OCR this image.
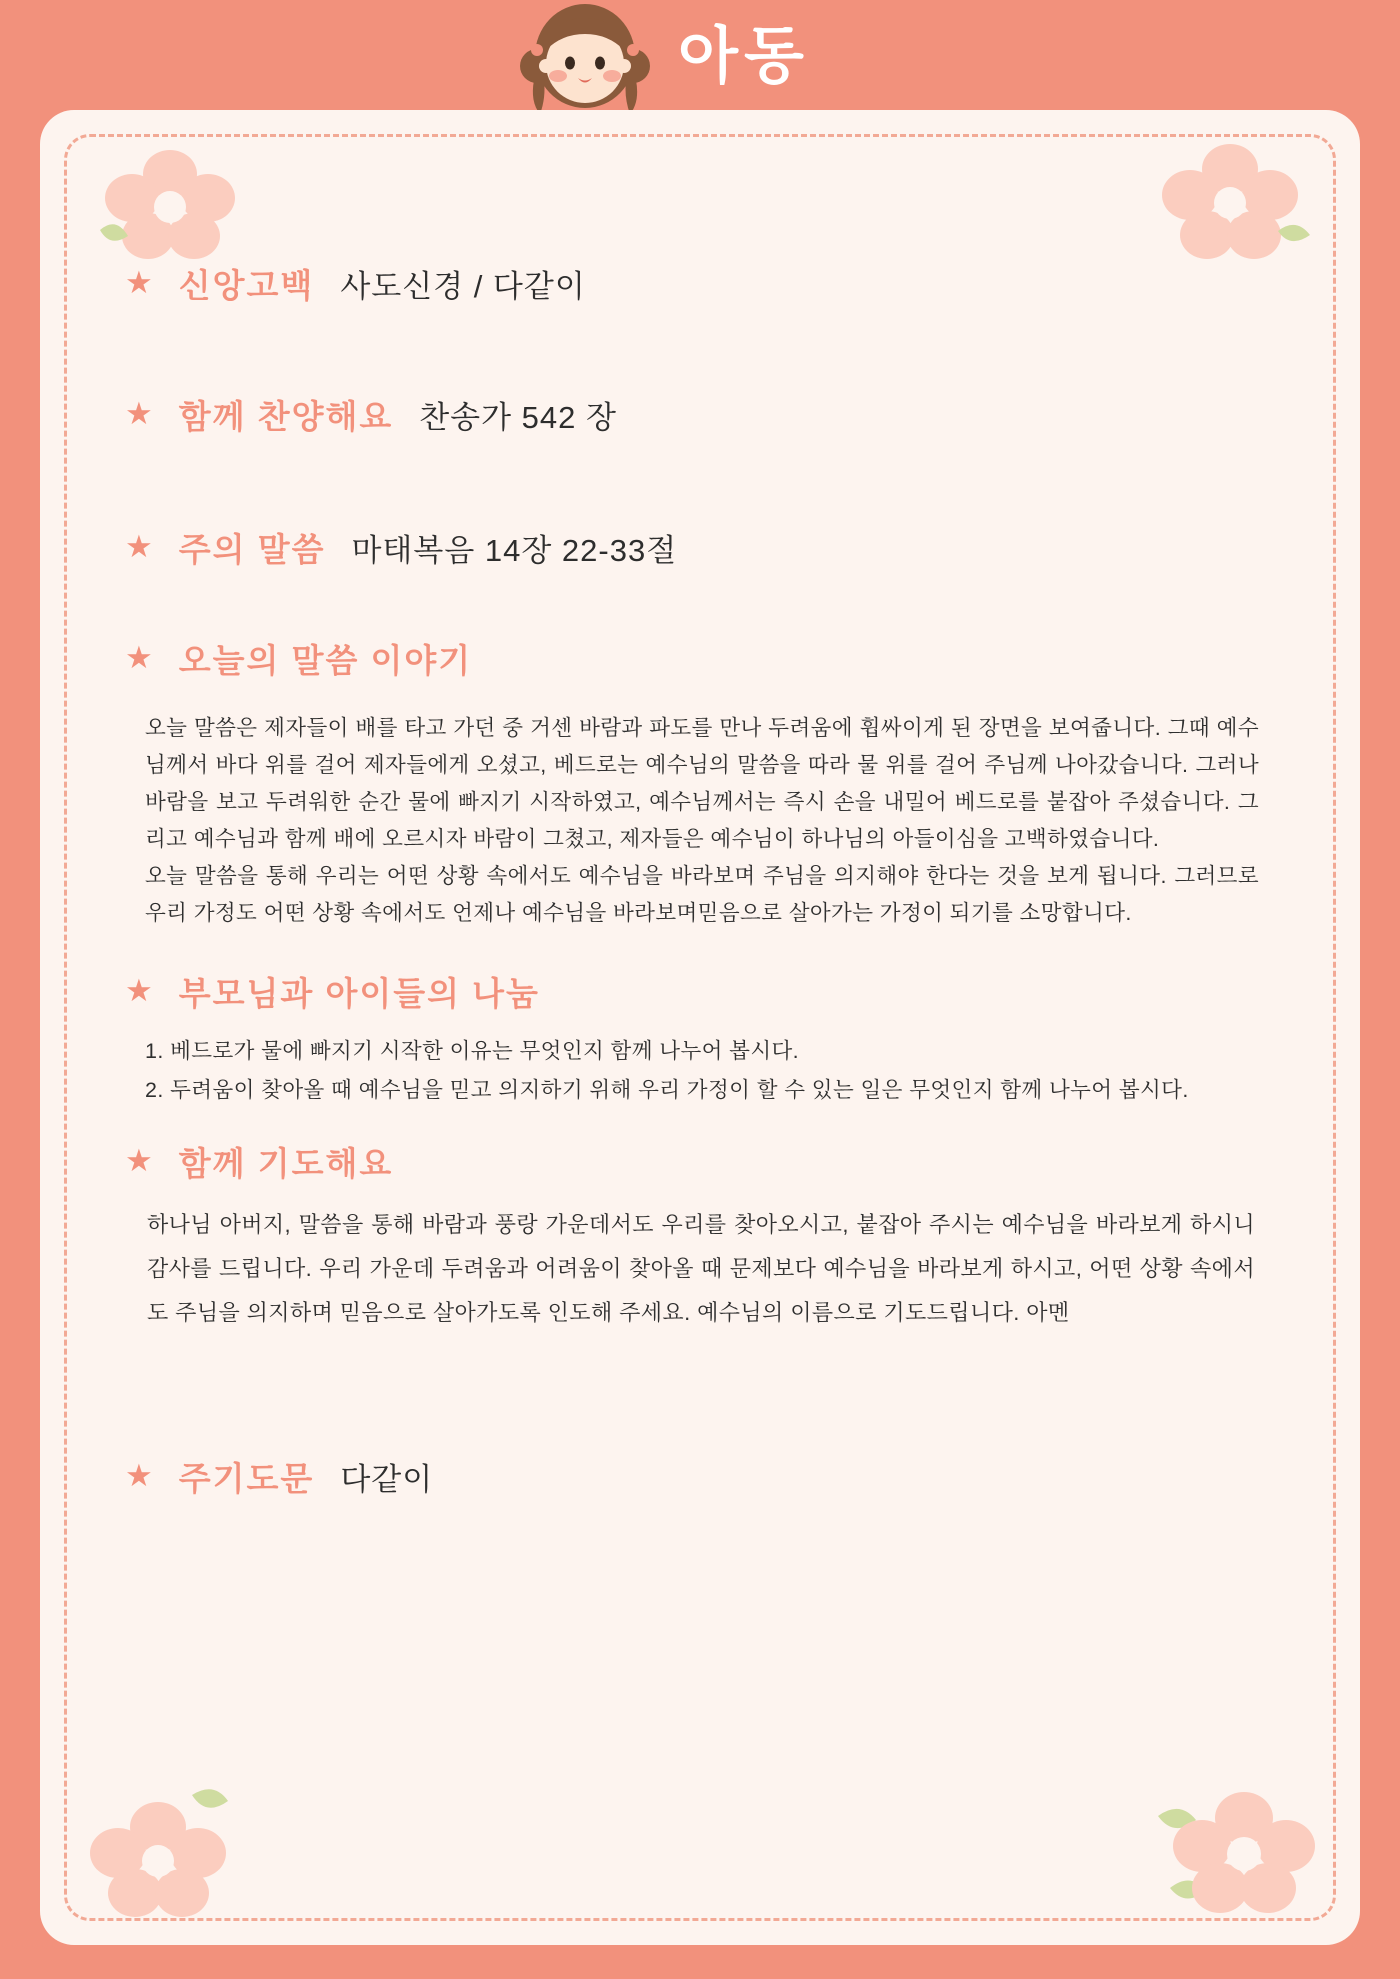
아동
★ 신앙고백 사도신경 / 다같이
★ 함께 찬양해요 찬송가 542 장
★ 주의 말씀 마태복음 14장 22-33절
★ 오늘의 말씀 이야기

오늘 말씀은 제자들이 배를 타고 가던 중 거센 바람과 파도를 만나 두려움에 휩싸이게 된 장면을 보여줍니다. 그때 예수님께서 바다 위를 걸어 제자들에게 오셨고, 베드로는 예수님의 말씀을 따라 물 위를 걸어 주님께 나아갔습니다. 그러나 바람을 보고 두려워한 순간 물에 빠지기 시작하였고, 예수님께서는 즉시 손을 내밀어 베드로를 붙잡아 주셨습니다. 그리고 예수님과 함께 배에 오르시자 바람이 그쳤고, 제자들은 예수님이 하나님의 아들이심을 고백하였습니다.

오늘 말씀을 통해 우리는 어떤 상황 속에서도 예수님을 바라보며 주님을 의지해야 한다는 것을 보게 됩니다. 그러므로 우리 가정도 어떤 상황 속에서도 언제나 예수님을 바라보며믿음으로 살아가는 가정이 되기를 소망합니다.

★ 부모님과 아이들의 나눔
1. 베드로가 물에 빠지기 시작한 이유는 무엇인지 함께 나누어 봅시다.
2. 두려움이 찾아올 때 예수님을 믿고 의지하기 위해 우리 가정이 할 수 있는 일은 무엇인지 함께 나누어 봅시다.
★ 함께 기도해요

하나님 아버지, 말씀을 통해 바람과 풍랑 가운데서도 우리를 찾아오시고, 붙잡아 주시는 예수님을 바라보게 하시니 감사를 드립니다. 우리 가운데 두려움과 어려움이 찾아올 때 문제보다 예수님을 바라보게 하시고, 어떤 상황 속에서도 주님을 의지하며 믿음으로 살아가도록 인도해 주세요. 예수님의 이름으로 기도드립니다. 아멘

★ 주기도문 다같이
